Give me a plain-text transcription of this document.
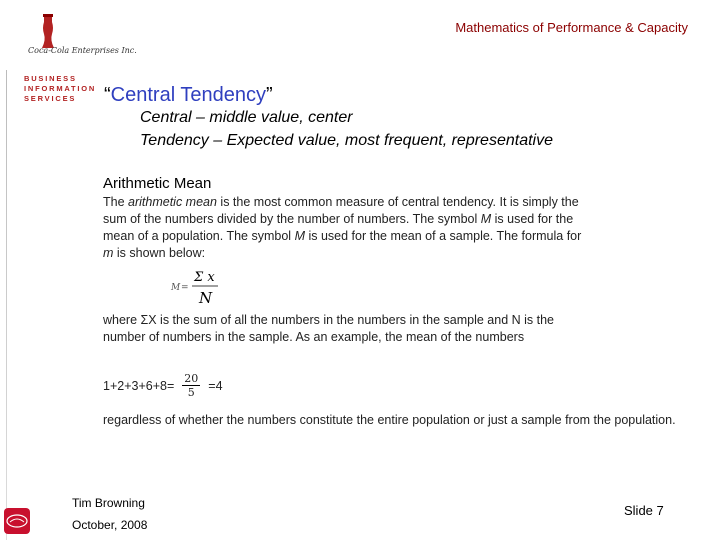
Mathematics of Performance & Capacity
Coca-Cola Enterprises Inc.
BUSINESS
INFORMATION
SERVICES	“Central Tendency”
Central – middle value, center
Tendency – Expected value, most frequent, representative
Arithmetic Mean
The arithmetic mean is the most common measure of central tendency. It is simply the sum of the numbers divided by the number of numbers. The symbol M is used for the mean of a population. The symbol M is used for the mean of a sample. The formula for m is shown below:
M =
Σ x
N
where ΣX is the sum of all the numbers in the numbers in the sample and N is the number of numbers in the sample. As an example, the mean of the numbers
$1+2+3+6+8= \frac{20}{5} =4$
regardless of whether the numbers constitute the entire population or just a sample from the population.
Tim Browning
October, 2008
Slide 7
